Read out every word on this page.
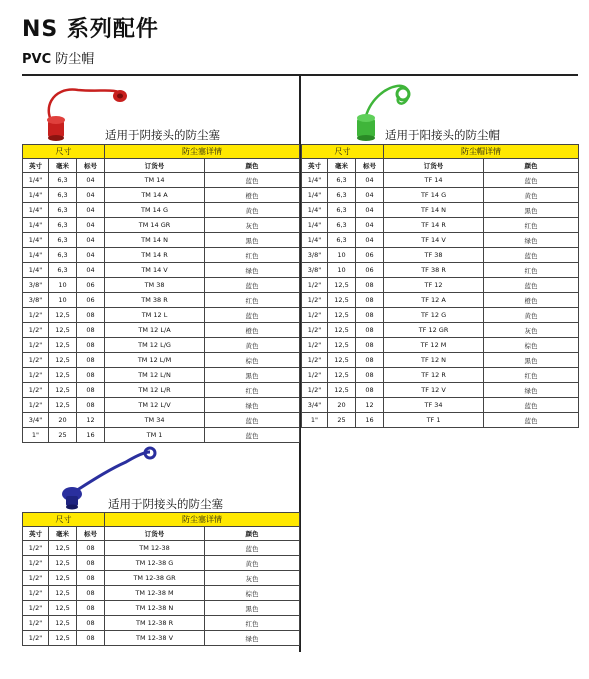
NS 系列配件
PVC 防尘帽
适用于阴接头的防尘塞	适用于阳接头的防尘帽
适用于阴接头的防尘塞
尺寸			防尘塞详情	
英寸	毫米	标号	订货号	颜色
1/4"	6,3	04	TM 14	蓝色
1/4"	6,3	04	TM 14 A	橙色
1/4"	6,3	04	TM 14 G	黄色
1/4"	6,3	04	TM 14 GR	灰色
1/4"	6,3	04	TM 14 N	黑色
1/4"	6,3	04	TM 14 R	红色
1/4"	6,3	04	TM 14 V	绿色
3/8"	10	06	TM 38	蓝色
3/8"	10	06	TM 38 R	红色
1/2"	12,5	08	TM 12 L	蓝色
1/2"	12,5	08	TM 12 L/A	橙色
1/2"	12,5	08	TM 12 L/G	黄色
1/2"	12,5	08	TM 12 L/M	棕色
1/2"	12,5	08	TM 12 L/N	黑色
1/2"	12,5	08	TM 12 L/R	红色
1/2"	12,5	08	TM 12 L/V	绿色
3/4"	20	12	TM 34	蓝色
1"	25	16	TM 1	蓝色
尺寸			防尘帽详情	
英寸	毫米	标号	订货号	颜色
1/4"	6,3	04	TF 14	蓝色
1/4"	6,3	04	TF 14 G	黄色
1/4"	6,3	04	TF 14 N	黑色
1/4"	6,3	04	TF 14 R	红色
1/4"	6,3	04	TF 14 V	绿色
3/8"	10	06	TF 38	蓝色
3/8"	10	06	TF 38 R	红色
1/2"	12,5	08	TF 12	蓝色
1/2"	12,5	08	TF 12 A	橙色
1/2"	12,5	08	TF 12 G	黄色
1/2"	12,5	08	TF 12 GR	灰色
1/2"	12,5	08	TF 12 M	棕色
1/2"	12,5	08	TF 12 N	黑色
1/2"	12,5	08	TF 12 R	红色
1/2"	12,5	08	TF 12 V	绿色
3/4"	20	12	TF 34	蓝色
1"	25	16	TF 1	蓝色
尺寸			防尘塞详情	
英寸	毫米	标号	订货号	颜色
1/2"	12,5	08	TM 12-38	蓝色
1/2"	12,5	08	TM 12-38 G	黄色
1/2"	12,5	08	TM 12-38 GR	灰色
1/2"	12,5	08	TM 12-38 M	棕色
1/2"	12,5	08	TM 12-38 N	黑色
1/2"	12,5	08	TM 12-38 R	红色
1/2"	12,5	08	TM 12-38 V	绿色
